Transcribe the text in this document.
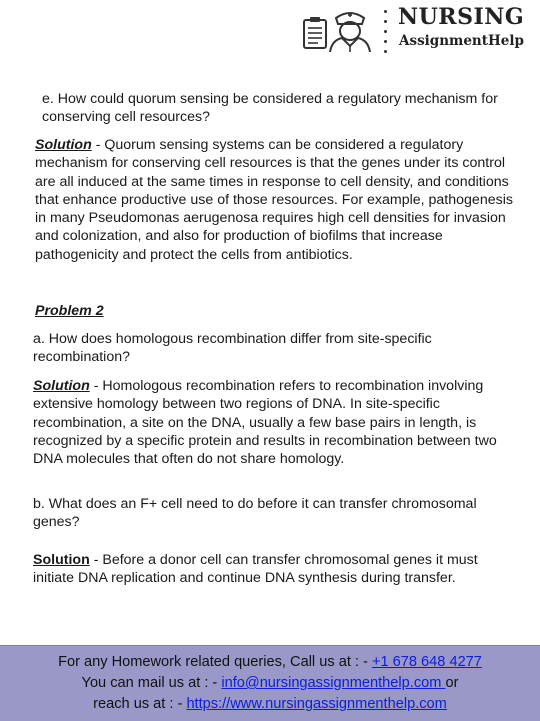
NURSING
AssignmentHelp

e. How could quorum sensing be considered a regulatory mechanism for conserving cell resources?

Solution - Quorum sensing systems can be considered a regulatory mechanism for conserving cell resources is that the genes under its control are all induced at the same times in response to cell density, and conditions that enhance productive use of those resources. For example, pathogenesis in many Pseudomonas aerugenosa requires high cell densities for invasion and colonization, and also for production of biofilms that increase pathogenicity and protect the cells from antibiotics.

Problem 2

a. How does homologous recombination differ from site-specific recombination?

Solution - Homologous recombination refers to recombination involving extensive homology between two regions of DNA. In site-specific recombination, a site on the DNA, usually a few base pairs in length, is recognized by a specific protein and results in recombination between two DNA molecules that often do not share homology.

b. What does an F+ cell need to do before it can transfer chromosomal genes?

Solution - Before a donor cell can transfer chromosomal genes it must initiate DNA replication and continue DNA synthesis during transfer.

For any Homework related queries, Call us at : - +1 678 648 4277

You can mail us at : - info@nursingassignmenthelp.com or

reach us at : - https://www.nursingassignmenthelp.com
